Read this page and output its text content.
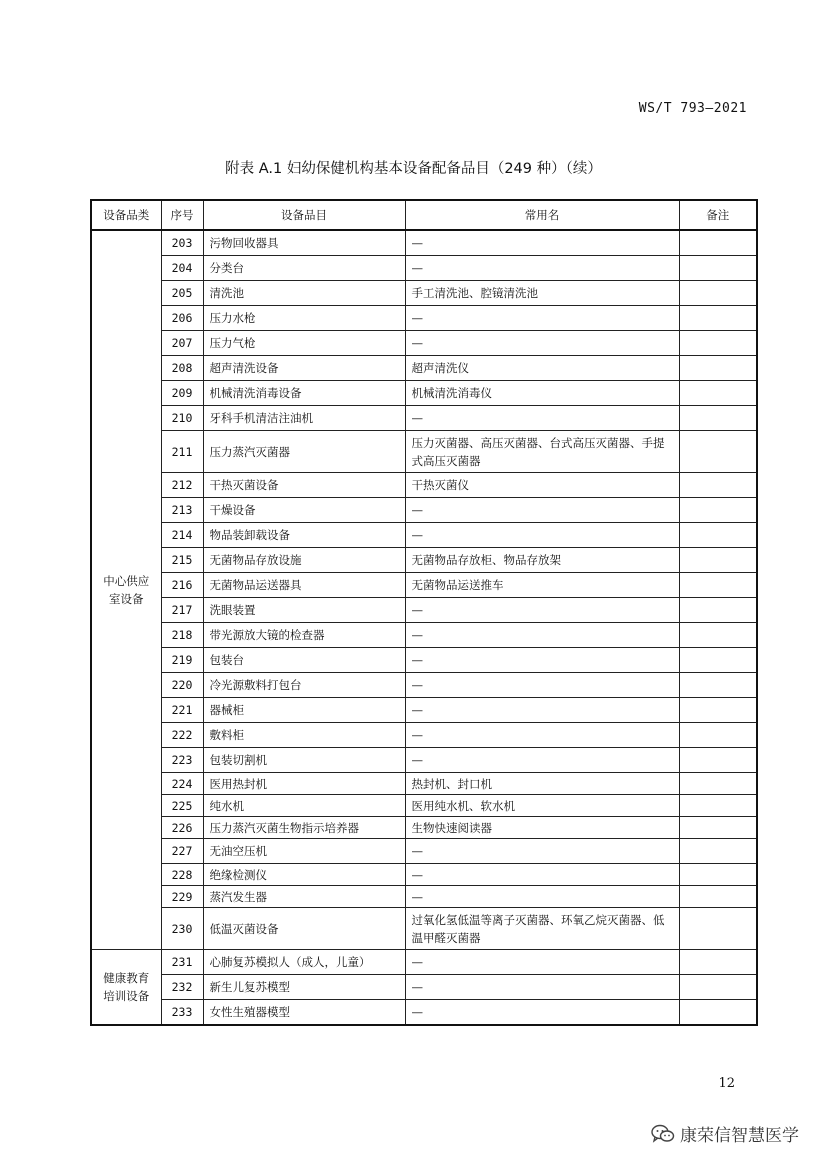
WS/T 793—2021
附表 A.1 妇幼保健机构基本设备配备品目（249 种）（续）
设备品类	序号	设备品目	常用名	备注

中心供应
室设备	203	污物回收器具	—	
	204	分类台	—	
	205	清洗池	手工清洗池、腔镜清洗池	
	206	压力水枪	—	
	207	压力气枪	—	
	208	超声清洗设备	超声清洗仪	
	209	机械清洗消毒设备	机械清洗消毒仪	
	210	牙科手机清洁注油机	—	
	211	压力蒸汽灭菌器	压力灭菌器、高压灭菌器、台式高压灭菌器、手提式高压灭菌器	
	212	干热灭菌设备	干热灭菌仪	
	213	干燥设备	—	
	214	物品装卸载设备	—	
	215	无菌物品存放设施	无菌物品存放柜、物品存放架	
	216	无菌物品运送器具	无菌物品运送推车	
	217	洗眼装置	—	
	218	带光源放大镜的检查器	—	
	219	包装台	—	
	220	冷光源敷料打包台	—	
	221	器械柜	—	
	222	敷料柜	—	
	223	包装切割机	—	
	224	医用热封机	热封机、封口机	
	225	纯水机	医用纯水机、软水机	
	226	压力蒸汽灭菌生物指示培养器	生物快速阅读器	
	227	无油空压机	—	
	228	绝缘检测仪	—	
	229	蒸汽发生器	—	
	230	低温灭菌设备	过氧化氢低温等离子灭菌器、环氧乙烷灭菌器、低温甲醛灭菌器	

健康教育
培训设备	231	心肺复苏模拟人（成人，儿童）	—	
	232	新生儿复苏模型	—	
	233	女性生殖器模型	—	
12
康荣信智慧医学
